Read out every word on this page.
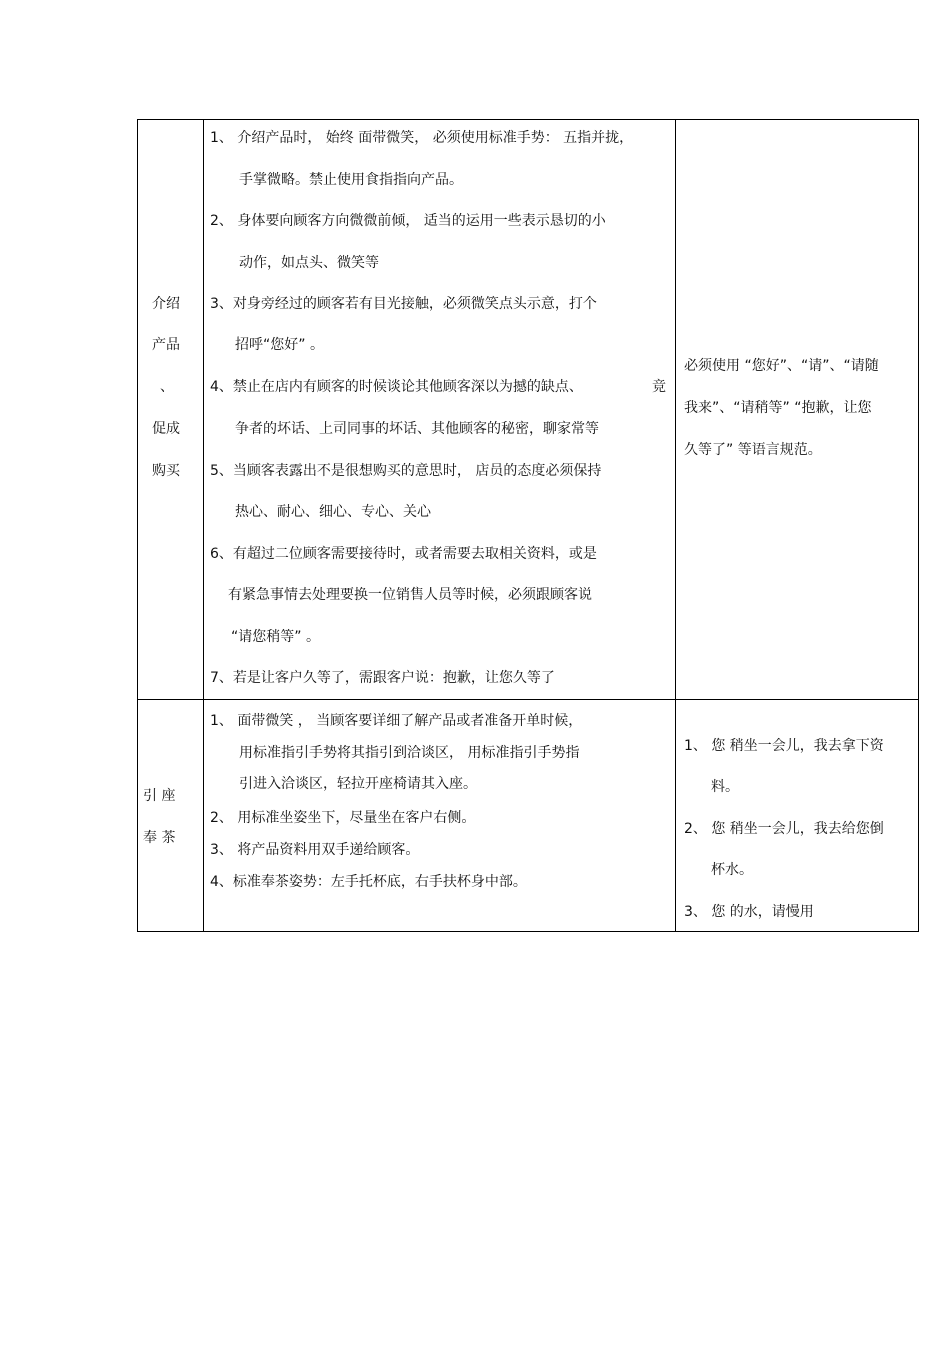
介绍
产品
、
促成
购买
1、 介绍产品时， 始终 面带微笑， 必须使用标准手势： 五指并拢，
手掌微略。禁止使用食指指向产品。
2、 身体要向顾客方向微微前倾， 适当的运用一些表示恳切的小
动作，如点头、微笑等
3、对身旁经过的顾客若有目光接触，必须微笑点头示意，打个
招呼“您好” 。
4、禁止在店内有顾客的时候谈论其他顾客深以为撼的缺点、	竞
争者的坏话、上司同事的坏话、其他顾客的秘密，聊家常等
5、当顾客表露出不是很想购买的意思时， 店员的态度必须保持
热心、耐心、细心、专心、关心
6、有超过二位顾客需要接待时，或者需要去取相关资料，或是
有紧急事情去处理要换一位销售人员等时候，必须跟顾客说
“请您稍等” 。
7、若是让客户久等了，需跟客户说：抱歉，让您久等了
必须使用 “您好”、“请”、“请随
我来”、“请稍等” “抱歉，让您
久等了” 等语言规范。
引 座
奉 茶
1、 面带微笑 ， 当顾客要详细了解产品或者准备开单时候，
用标准指引手势将其指引到洽谈区， 用标准指引手势指
引进入洽谈区，轻拉开座椅请其入座。
2、 用标准坐姿坐下，尽量坐在客户右侧。
3、 将产品资料用双手递给顾客。
4、标准奉茶姿势：左手托杯底，右手扶杯身中部。
1、 您 稍坐一会儿，我去拿下资
料。
2、 您 稍坐一会儿，我去给您倒
杯水。
3、 您 的水，请慢用
